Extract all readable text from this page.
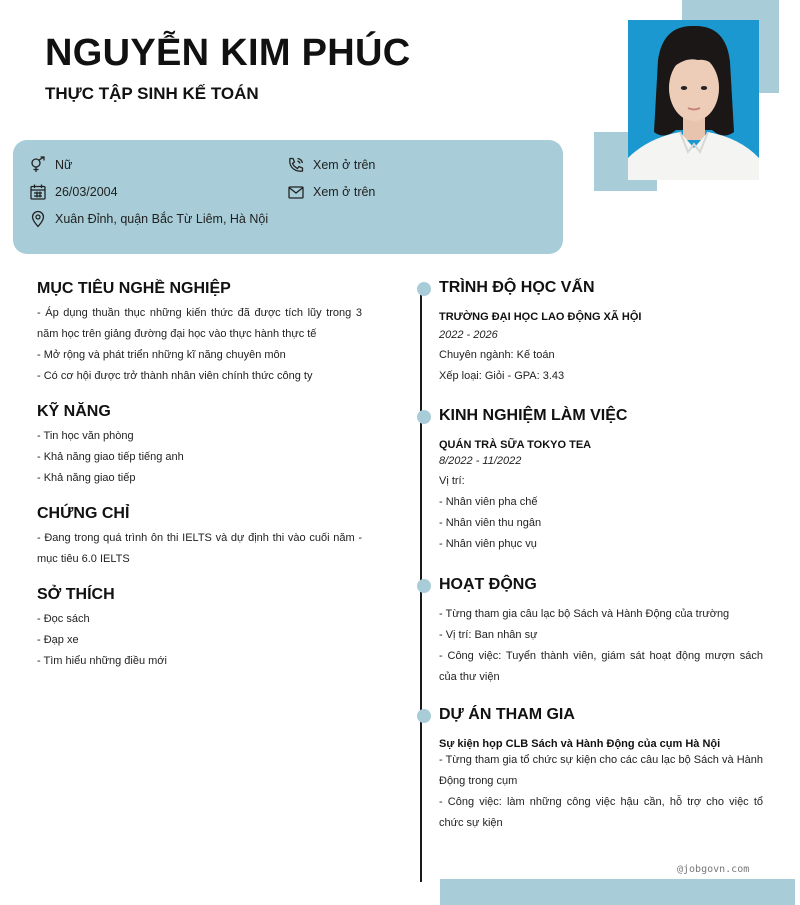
NGUYỄN KIM PHÚC
THỰC TẬP SINH KẾ TOÁN
Nữ
26/03/2004
Xuân Đỉnh, quận Bắc Từ Liêm, Hà Nội
Xem ở trên
Xem ở trên
MỤC TIÊU NGHỀ NGHIỆP
- Áp dụng thuần thục những kiến thức đã được tích lũy trong 3 năm học trên giảng đường đại học vào thực hành thực tế
- Mở rộng và phát triển những kĩ năng chuyên môn
- Có cơ hội được trở thành nhân viên chính thức công ty
KỸ NĂNG
- Tin học văn phòng
- Khả năng giao tiếp tiếng anh
- Khả năng giao tiếp
CHỨNG CHỈ
- Đang trong quá trình ôn thi IELTS và dự định thi vào cuối năm - mục tiêu 6.0 IELTS
SỞ THÍCH
- Đọc sách
- Đạp xe
- Tìm hiểu những điều mới
TRÌNH ĐỘ HỌC VẤN
TRƯỜNG ĐẠI HỌC LAO ĐỘNG XÃ HỘI
2022 - 2026
Chuyên ngành: Kế toán
Xếp loại: Giỏi - GPA: 3.43
KINH NGHIỆM LÀM VIỆC
QUÁN TRÀ SỮA TOKYO TEA
8/2022 - 11/2022
Vị trí:
- Nhân viên pha chế
- Nhân viên thu ngân
- Nhân viên phục vụ
HOẠT ĐỘNG
- Từng tham gia câu lạc bộ Sách và Hành Động của trường
- Vị trí: Ban nhân sự
- Công việc: Tuyển thành viên, giám sát hoạt động mượn sách của thư viện
DỰ ÁN THAM GIA
Sự kiện họp CLB Sách và Hành Động của cụm Hà Nội
- Từng tham gia tổ chức sự kiện cho các câu lạc bộ Sách và Hành Động trong cụm
- Công việc: làm những công việc hậu cần, hỗ trợ cho việc tổ chức sự kiện
@jobgovn.com
